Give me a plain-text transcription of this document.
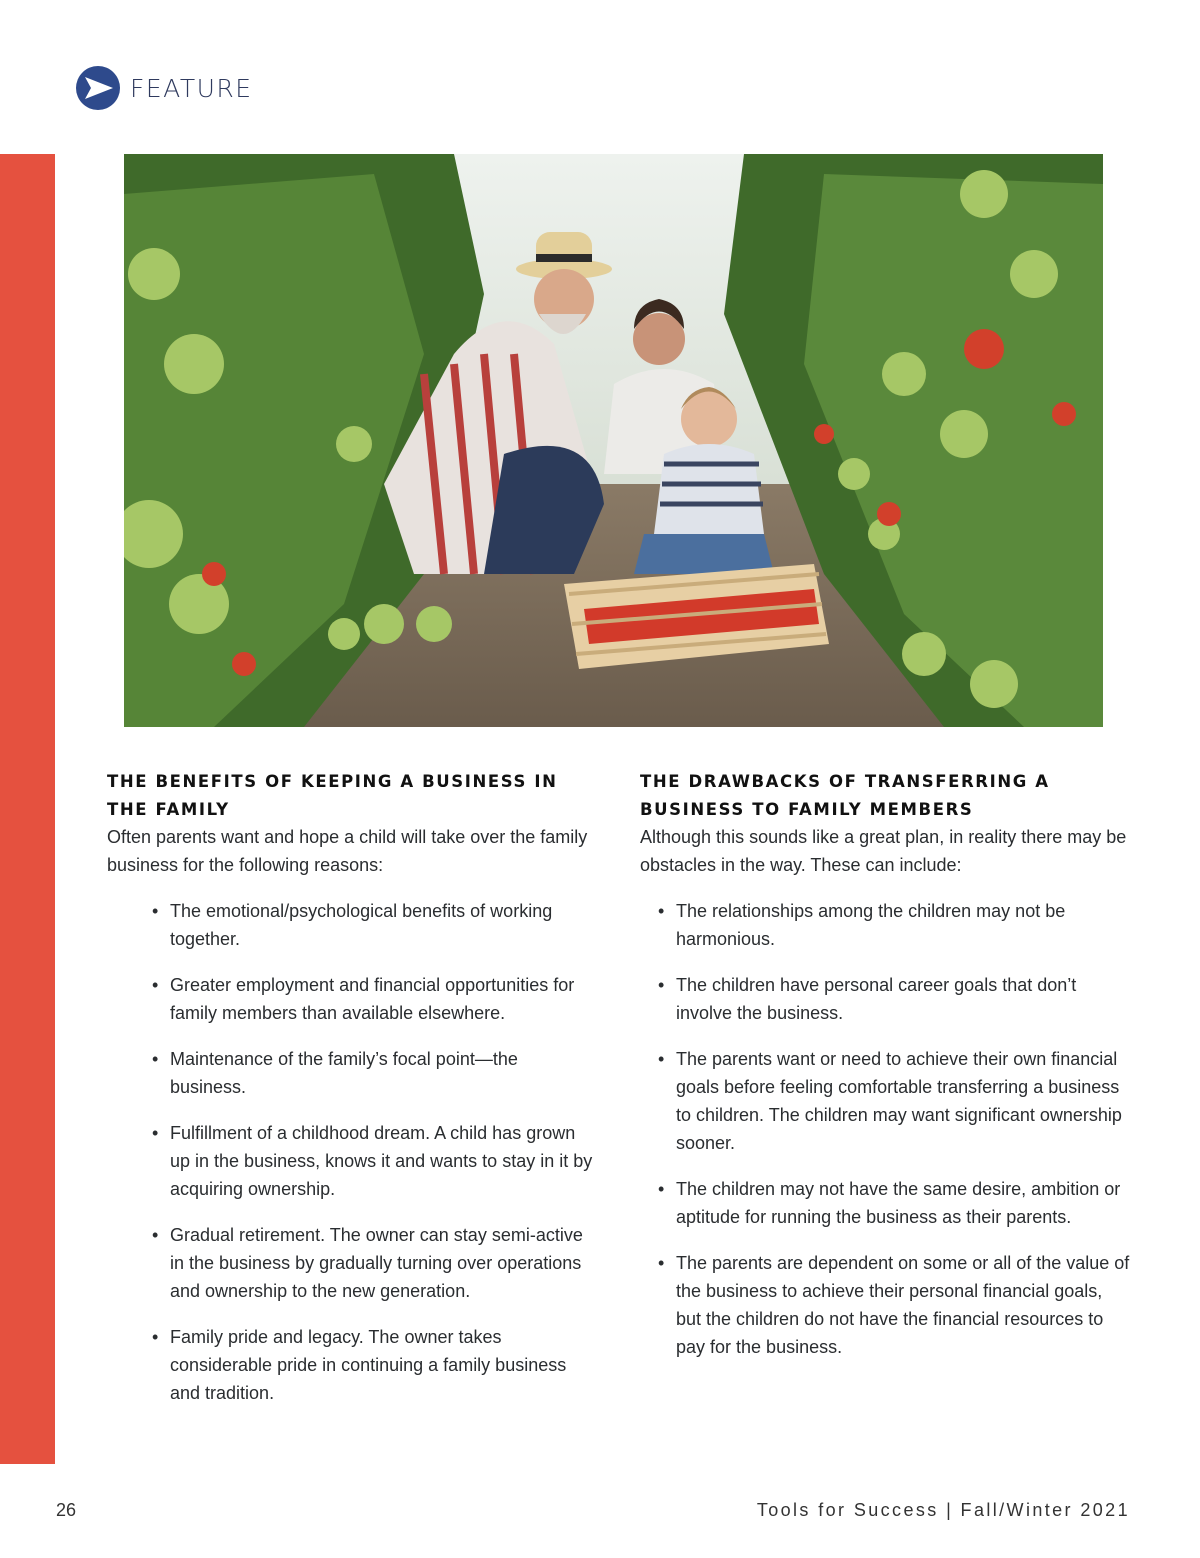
FEATURE
THE BENEFITS OF KEEPING A BUSINESS IN THE FAMILY

Often parents want and hope a child will take over the family business for the following reasons:

• The emotional/psychological benefits of working together.
• Greater employment and financial opportunities for family members than available elsewhere.
• Maintenance of the family’s focal point—the business.
• Fulfillment of a childhood dream. A child has grown up in the business, knows it and wants to stay in it by acquiring ownership.
• Gradual retirement. The owner can stay semi-active in the business by gradually turning over operations and ownership to the new generation.
• Family pride and legacy. The owner takes considerable pride in continuing a family business and tradition.
THE DRAWBACKS OF TRANSFERRING A BUSINESS TO FAMILY MEMBERS

Although this sounds like a great plan, in reality there may be obstacles in the way. These can include:

• The relationships among the children may not be harmonious.
• The children have personal career goals that don’t involve the business.
• The parents want or need to achieve their own financial goals before feeling comfortable transferring a business to children. The children may want significant ownership sooner.
• The children may not have the same desire, ambition or aptitude for running the business as their parents.
• The parents are dependent on some or all of the value of the business to achieve their personal financial goals, but the children do not have the financial resources to pay for the business.
26	Tools for Success | Fall/Winter 2021
